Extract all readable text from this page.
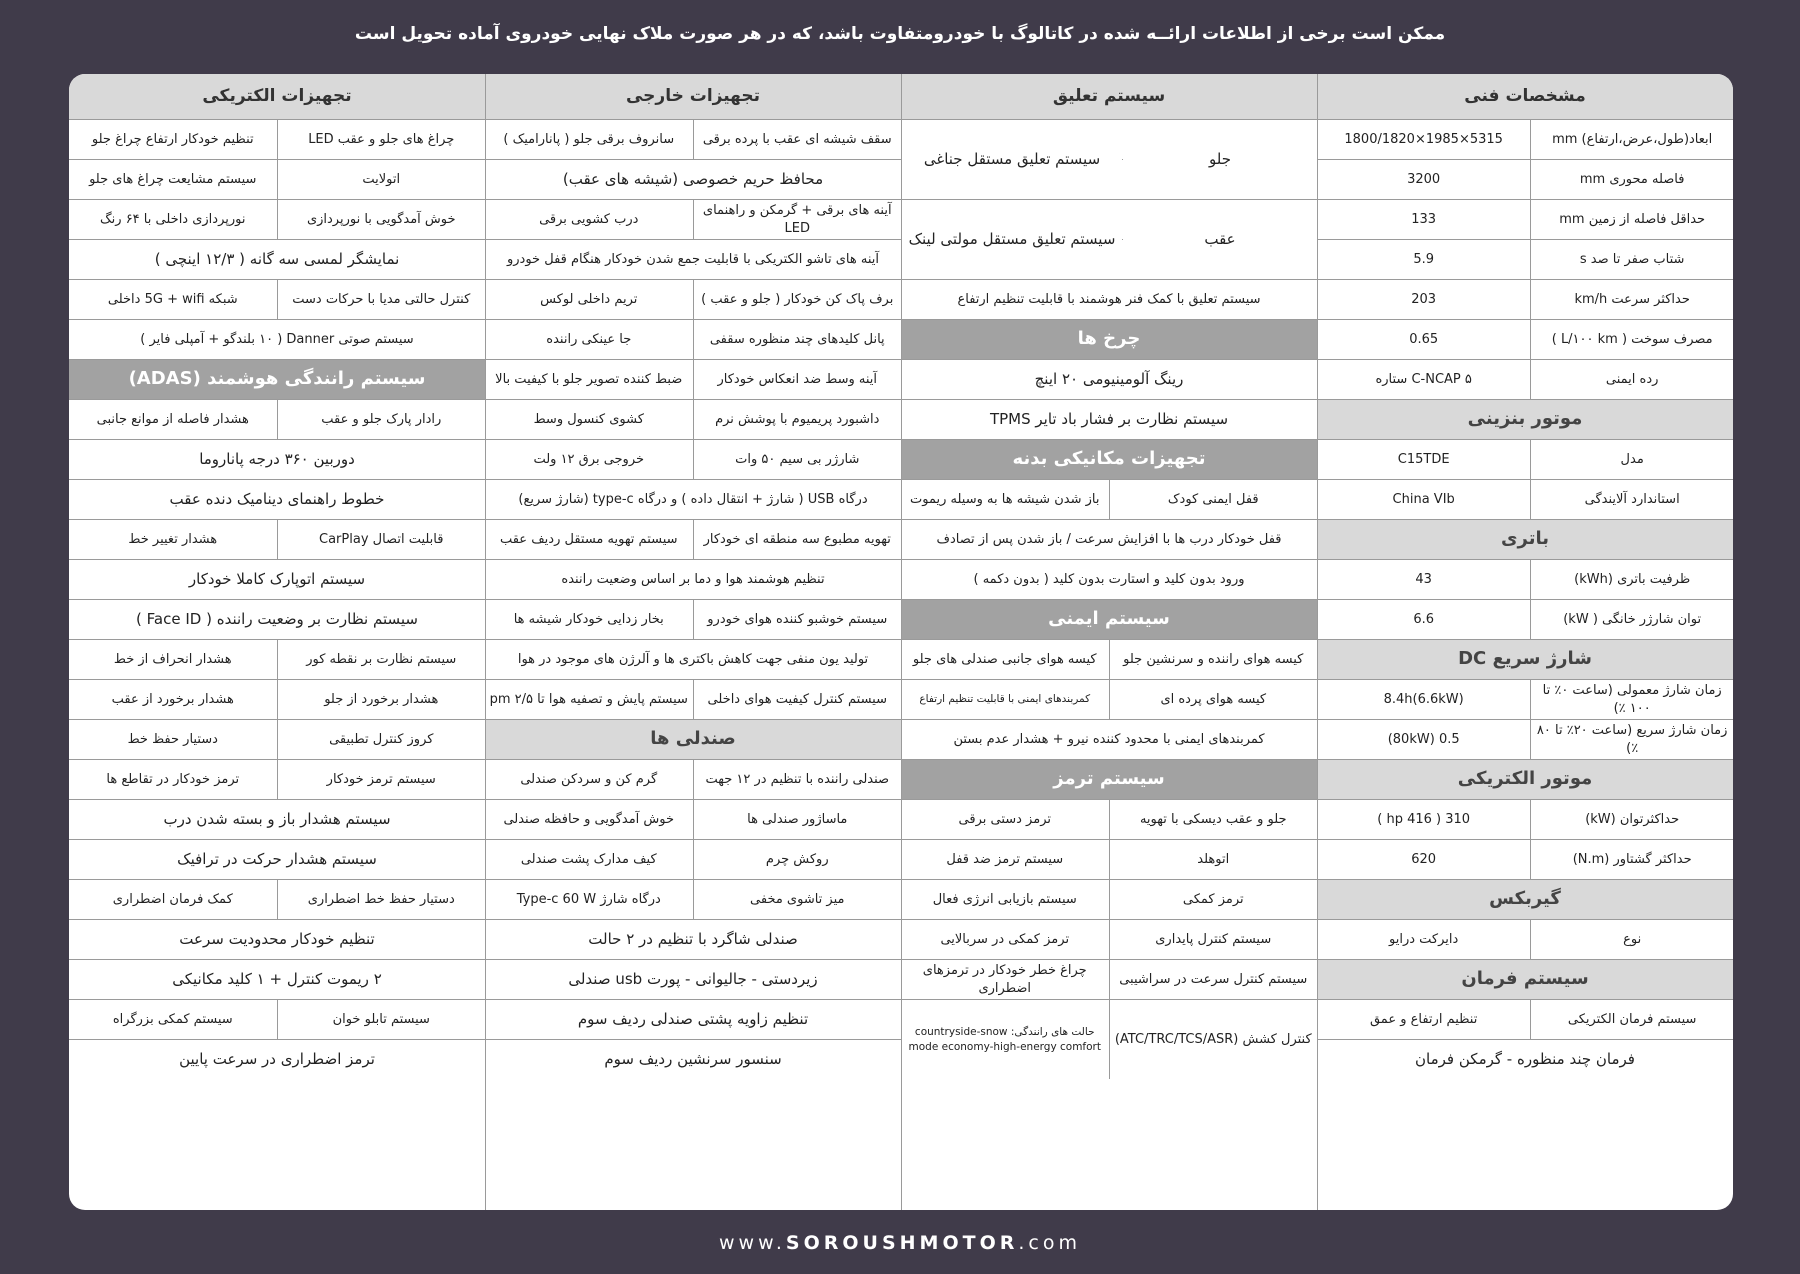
ممکن است برخی از اطلاعات ارائــه شده در کاتالوگ با خودرومتفاوت باشد، که در هر صورت ملاک نهایی خودروی آماده تحویل است
تجهیزات الکتریکی
چراغ های جلو و عقب LED
تنظیم خودکار ارتفاع چراغ جلو
اتولایت
سیستم مشایعت چراغ های جلو
خوش آمدگویی با نورپردازی
نورپردازی داخلی با ۶۴ رنگ
نمایشگر لمسی سه گانه ( ۱۲/۳ اینچی )
کنترل حالتی مدیا با حرکات دست
شبکه 5G + wifi داخلی
سیستم صوتی Danner ( ۱۰ بلندگو + آمپلی فایر )
سیستم رانندگی هوشمند (ADAS)
رادار پارک جلو و عقب
هشدار فاصله از موانع جانبی
دوربین ۳۶۰ درجه پاناروما
خطوط راهنمای دینامیک دنده عقب
قابلیت اتصال CarPlay
هشدار تغییر خط
سیستم اتوپارک کاملا خودکار
سیستم نظارت بر وضعیت راننده ( Face ID )
سیستم نظارت بر نقطه کور
هشدار انحراف از خط
هشدار برخورد از جلو
هشدار برخورد از عقب
کروز کنترل تطبیقی
دستیار حفظ خط
سیستم ترمز خودکار
ترمز خودکار در تقاطع ها
سیستم هشدار باز و بسته شدن درب
سیستم هشدار حرکت در ترافیک
دستیار حفظ خط اضطراری
کمک فرمان اضطراری
تنظیم خودکار محدودیت سرعت
۲ ریموت کنترل + ۱ کلید مکانیکی
سیستم تابلو خوان
سیستم کمکی بزرگراه
ترمز اضطراری در سرعت پایین
تجهیزات خارجی
سقف شیشه ای عقب با پرده برقی
سانروف برقی جلو ( پانارامیک )
محافظ حریم خصوصی (شیشه های عقب)
آینه های برقی + گرمکن و راهنمای LED
درب کشویی برقی
آینه های تاشو الکتریکی با قابلیت جمع شدن خودکار هنگام قفل خودرو
برف پاک کن خودکار ( جلو و عقب )
تریم داخلی لوکس
پانل کلیدهای چند منظوره سقفی
جا عینکی راننده
آینه وسط ضد انعکاس خودکار
ضبط کننده تصویر جلو با کیفیت بالا
داشبورد پریمیوم با پوشش نرم
کشوی کنسول وسط
شارژر بی سیم ۵۰ وات
خروجی برق ۱۲ ولت
درگاه USB ( شارژ + انتقال داده ) و درگاه type-c (شارژ سریع)
تهویه مطبوع سه منطقه ای خودکار
سیستم تهویه مستقل ردیف عقب
تنظیم هوشمند هوا و دما بر اساس وضعیت راننده
سیستم خوشبو کننده هوای خودرو
بخار زدایی خودکار شیشه ها
تولید یون منفی جهت کاهش باکتری ها و آلرژن های موجود در هوا
سیستم کنترل کیفیت هوای داخلی
سیستم پایش و تصفیه هوا تا pm ۲/۵
صندلی ها
صندلی راننده با تنظیم در ۱۲ جهت
گرم کن و سردکن صندلی
ماساژور صندلی ها
خوش آمدگویی و حافظه صندلی
روکش چرم
کیف مدارک پشت صندلی
میز تاشوی مخفی
درگاه شارژ Type-c 60 W
صندلی شاگرد با تنظیم در ۲ حالت
زیردستی - جالیوانی - پورت usb صندلی
تنظیم زاویه پشتی صندلی ردیف سوم
سنسور سرنشین ردیف سوم
سیستم تعلیق
سیستم تعلیق با کمک فنر هوشمند با قابلیت تنظیم ارتفاع
چرخ ها
رینگ آلومینیومی ۲۰ اینچ
سیستم نظارت بر فشار باد تایر TPMS
تجهیزات مکانیکی بدنه
قفل ایمنی کودک
باز شدن شیشه ها به وسیله ریموت
قفل خودکار درب ها با افزایش سرعت / باز شدن پس از تصادف
ورود بدون کلید و استارت بدون کلید ( بدون دکمه )
سیستم ایمنی
کیسه هوای راننده و سرنشین جلو
کیسه هوای جانبی صندلی های جلو
کیسه هوای پرده ای
کمربندهای ایمنی با قابلیت تنظیم ارتفاع
کمربندهای ایمنی با محدود کننده نیرو + هشدار عدم بستن
سیستم ترمز
جلو و عقب دیسکی با تهویه
ترمز دستی برقی
اتوهلد
سیستم ترمز ضد قفل
ترمز کمکی
سیستم بازیابی انرژی فعال
سیستم کنترل پایداری
ترمز کمکی در سربالایی
سیستم کنترل سرعت در سراشیبی
چراغ خطر خودکار در ترمزهای اضطراری
کنترل کشش (ATC/TRC/TCS/ASR)
حالت های رانندگی: countryside-snow mode economy-high-energy comfort
سیستم تعلیق مستقل جناغی
سیستم تعلیق مستقل مولتی لینک
جلو
عقب
مشخصات فنی
ابعاد(طول،عرض،ارتفاع) mm
5315×1985×1800/1820
فاصله محوری mm
3200
حداقل فاصله از زمین mm
133
شتاب صفر تا صد s
5.9
حداکثر سرعت km/h
203
مصرف سوخت ( L/۱۰۰ km )
0.65
رده ایمنی
C-NCAP ۵ ستاره
موتور بنزینی
مدل
C15TDE
استاندارد آلایندگی
China VIb
باتری
ظرفیت باتری (kWh)
43
توان شارژر خانگی ( kW)
6.6
شارژ سریع DC
زمان شارژ معمولی (ساعت ۰٪ تا ۱۰۰ ٪)
8.4h(6.6kW)
زمان شارژ سریع (ساعت ۲۰٪ تا ۸۰ ٪)
0.5 (80kW)
موتور الکتریکی
حداکثرتوان (kW)
310 ( 416 hp )
حداکثر گشتاور (N.m)
620
گیربکس
نوع
دایرکت درایو
سیستم فرمان
سیستم فرمان الکتریکی
تنظیم ارتفاع و عمق
فرمان چند منظوره - گرمکن فرمان
www.SOROUSHMOTOR.com
